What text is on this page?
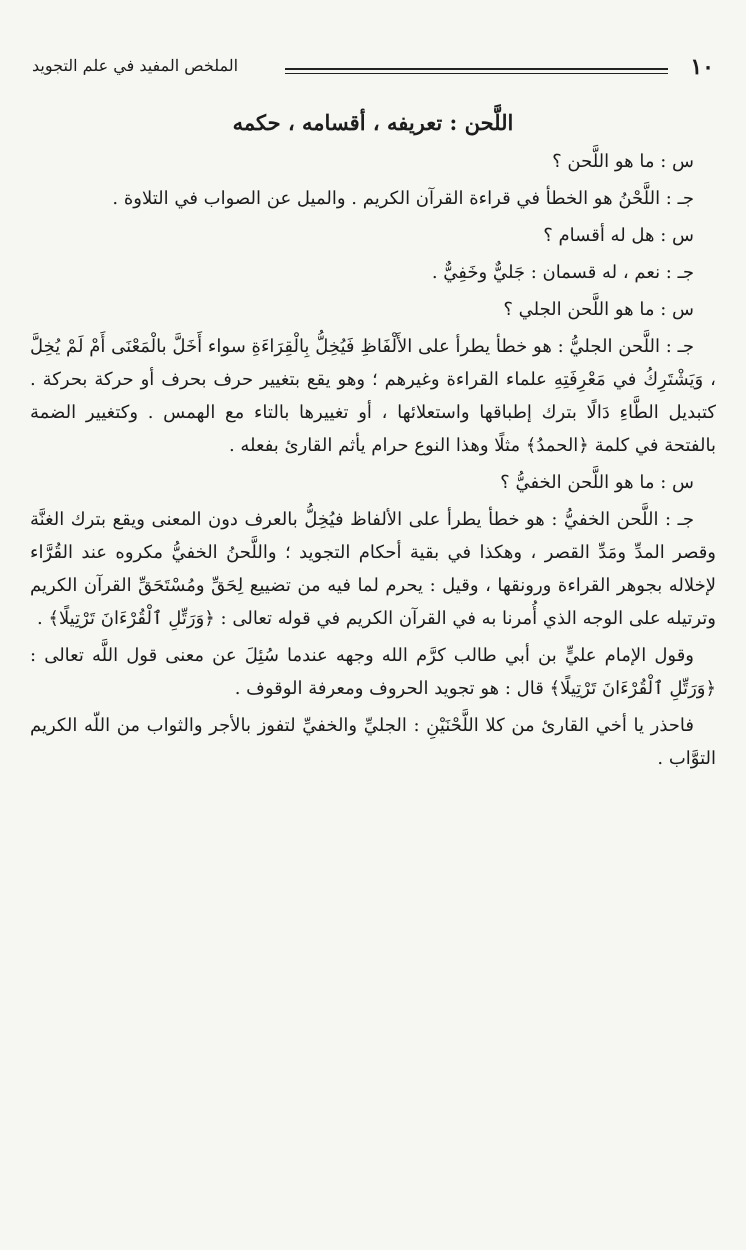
١٠
الملخص المفيد في علم التجويد
اللَّحن : تعريفه ، أقسامه ، حكمه

س : ما هو اللَّحن ؟

جـ : اللَّحْنُ هو الخطأ في قراءة القرآن الكريم . والميل عن الصواب في التلاوة .

س : هل له أقسام ؟

جـ : نعم ، له قسمان : جَليٌّ وخَفِيٌّ .

س : ما هو اللَّحن الجلي ؟

جـ : اللَّحن الجليُّ : هو خطأ يطرأ على الأَلْفَاظِ فَيُخِلُّ بِالْقِرَاءَةِ سواء أَخَلَّ بالْمَعْنَى أَمْ لَمْ يُخِلَّ ، وَيَشْتَرِكُ في مَعْرِفَتِهِ علماء القراءة وغيرهم ؛ وهو يقع بتغيير حرف بحرف أو حركة بحركة . كتبديل الطَّاءِ دَالًا بترك إطباقها واستعلائها ، أو تغييرها بالتاء مع الهمس . وكتغيير الضمة بالفتحة في كلمة ﴿الحمدُ﴾ مثلًا وهذا النوع حرام يأثم القارئ بفعله .

س : ما هو اللَّحن الخفيُّ ؟

جـ : اللَّحن الخفيُّ : هو خطأ يطرأ على الألفاظ فيُخِلُّ بالعرف دون المعنى ويقع بترك الغنَّة وقصر المدِّ ومَدِّ القصر ، وهكذا في بقية أحكام التجويد ؛ واللَّحنُ الخفيُّ مكروه عند القُرَّاء لإخلاله بجوهر القراءة ورونقها ، وقيل : يحرم لما فيه من تضييع لِحَقِّ ومُسْتَحَقِّ القرآن الكريم وترتيله على الوجه الذي أُمرنا به في القرآن الكريم في قوله تعالى : ﴿وَرَتِّلِ ٱلْقُرْءَانَ تَرْتِيلًا﴾ .

وقول الإمام عليٍّ بن أبي طالب كرَّم الله وجهه عندما سُئِلَ عن معنى قول اللَّه تعالى : ﴿وَرَتِّلِ ٱلْقُرْءَانَ تَرْتِيلًا﴾ قال : هو تجويد الحروف ومعرفة الوقوف .

فاحذر يا أخي القارئ من كلا اللَّحْنَيْنِ : الجليِّ والخفيِّ لتفوز بالأجر والثواب من اللّه الكريم التوَّاب .
